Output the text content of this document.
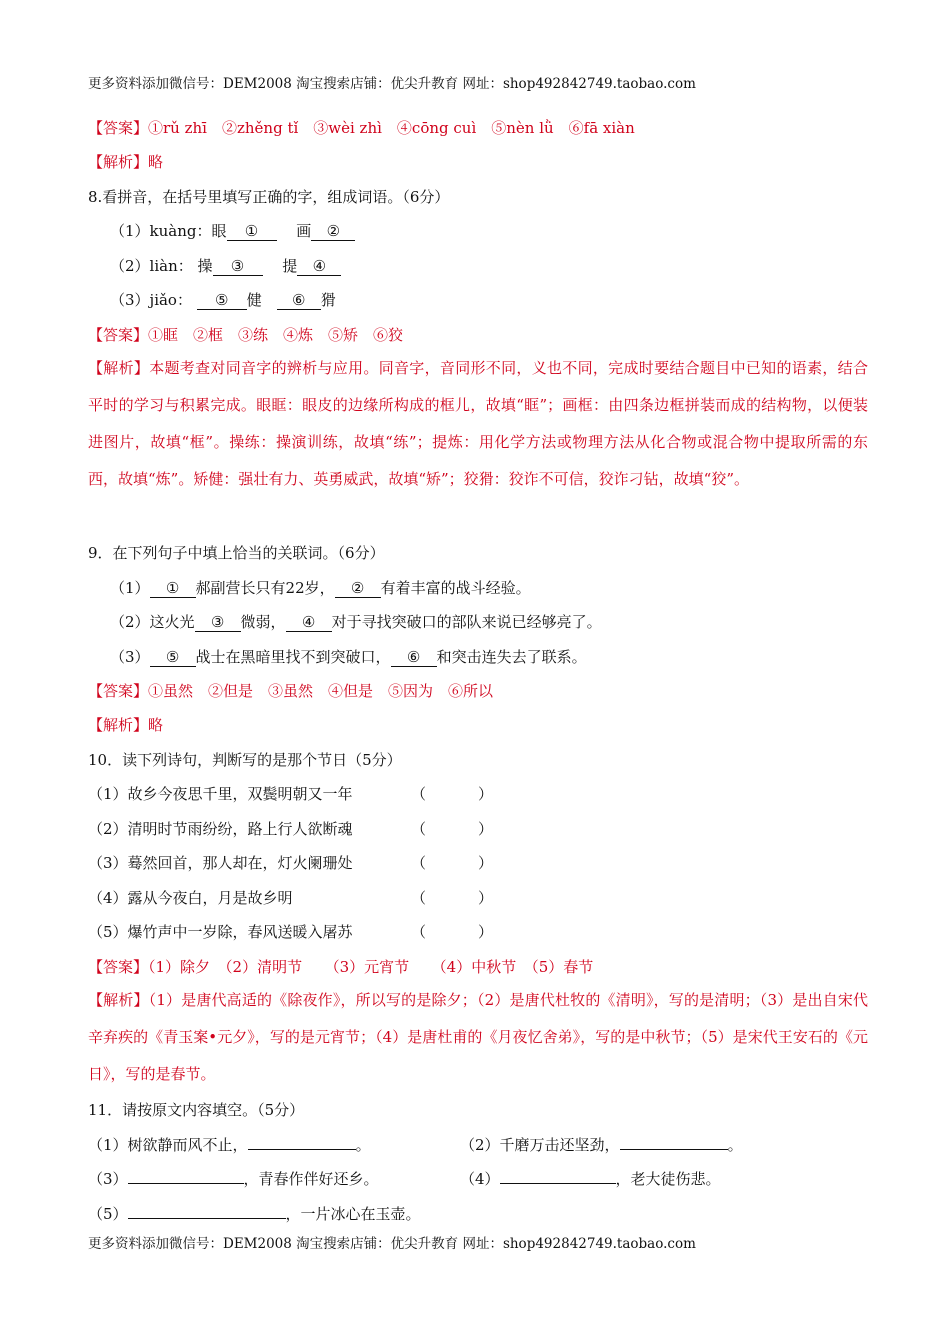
更多资料添加微信号：DEM2008 淘宝搜索店铺：优尖升教育 网址：shop492842749.taobao.com
【答案】①rǔ zhī　②zhěng tǐ　③wèi zhì　④cōng cuì　⑤nèn lǜ　⑥fā xiàn
【解析】略
8.看拼音，在括号里填写正确的字，组成词语。（6分）
（1）kuàng：眼 ①　	画 ②
（2）liàn： 操 ③　	提 ④
（3）jiǎo： ⑤ 健　 ⑥ 猾
【答案】①眶　②框　③练　④炼　⑤矫　⑥狡
【解析】本题考查对同音字的辨析与应用。同音字，音同形不同，义也不同，完成时要结合题目中已知的语素，结合平时的学习与积累完成。眼眶：眼皮的边缘所构成的框儿，故填“眶”；画框：由四条边框拼装而成的结构物，以便装进图片，故填“框”。操练：操演训练，故填“练”；提炼：用化学方法或物理方法从化合物或混合物中提取所需的东西，故填“炼”。矫健：强壮有力、英勇威武，故填“矫”；狡猾：狡诈不可信，狡诈刁钻，故填“狡”。
9．在下列句子中填上恰当的关联词。（6分）
（1） ① 郝副营长只有22岁， ② 有着丰富的战斗经验。
（2）这火光 ③ 微弱， ④ 对于寻找突破口的部队来说已经够亮了。
（3） ⑤ 战士在黑暗里找不到突破口， ⑥ 和突击连失去了联系。
【答案】①虽然　②但是　③虽然　④但是　⑤因为　⑥所以
【解析】略
10．读下列诗句，判断写的是那个节日（5分）
（1）故乡今夜思千里，双鬓明朝又一年	（	）
（2）清明时节雨纷纷，路上行人欲断魂	（	）
（3）蓦然回首，那人却在，灯火阑珊处	（	）
（4）露从今夜白，月是故乡明	（	）
（5）爆竹声中一岁除，春风送暖入屠苏	（	）
【答案】（1）除夕　（2）清明节　　（3）元宵节　　（4）中秋节　（5）春节
【解析】（1）是唐代高适的《除夜作》，所以写的是除夕；（2）是唐代杜牧的《清明》，写的是清明；（3）是出自宋代辛弃疾的《青玉案•元夕》，写的是元宵节；（4）是唐杜甫的《月夜忆舍弟》，写的是中秋节；（5）是宋代王安石的《元日》，写的是春节。
11．请按原文内容填空。（5分）
（1）树欲静而风不止，	。	（2）千磨万击还坚劲，	。
（3）	，青春作伴好还乡。	（4）	，老大徒伤悲。
（5）	，一片冰心在玉壶。
更多资料添加微信号：DEM2008 淘宝搜索店铺：优尖升教育 网址：shop492842749.taobao.com
